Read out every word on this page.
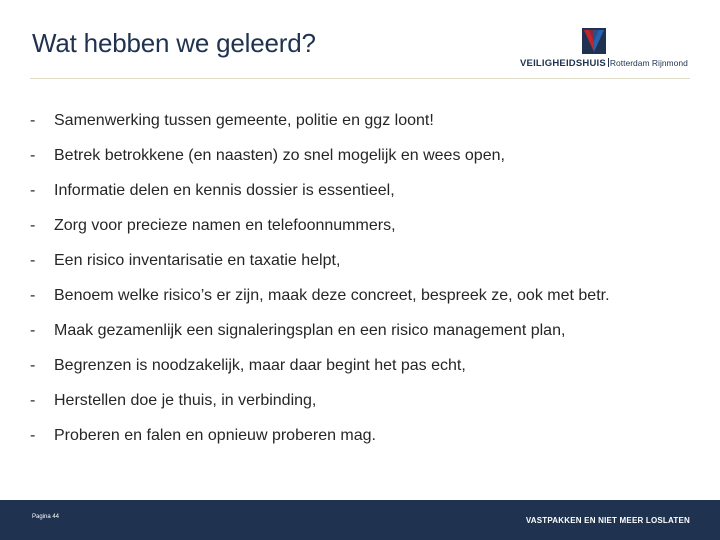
Wat hebben we geleerd?
VEILIGHEIDSHUIS Rotterdam Rijnmond
-	Samenwerking tussen gemeente, politie en ggz loont!
-	Betrek betrokkene (en naasten) zo snel mogelijk en wees open,
-	Informatie delen en kennis dossier is essentieel,
-	Zorg voor precieze namen en telefoonnummers,
-	Een risico inventarisatie en taxatie helpt,
-	Benoem welke risico’s er zijn, maak deze concreet, bespreek ze, ook met betr.
-	Maak gezamenlijk een signaleringsplan en een risico management plan,
-	Begrenzen is noodzakelijk, maar daar begint het pas echt,
-	Herstellen doe je thuis, in verbinding,
-	Proberen en falen en opnieuw proberen mag.
Pagina 44	VASTPAKKEN EN NIET MEER LOSLATEN
